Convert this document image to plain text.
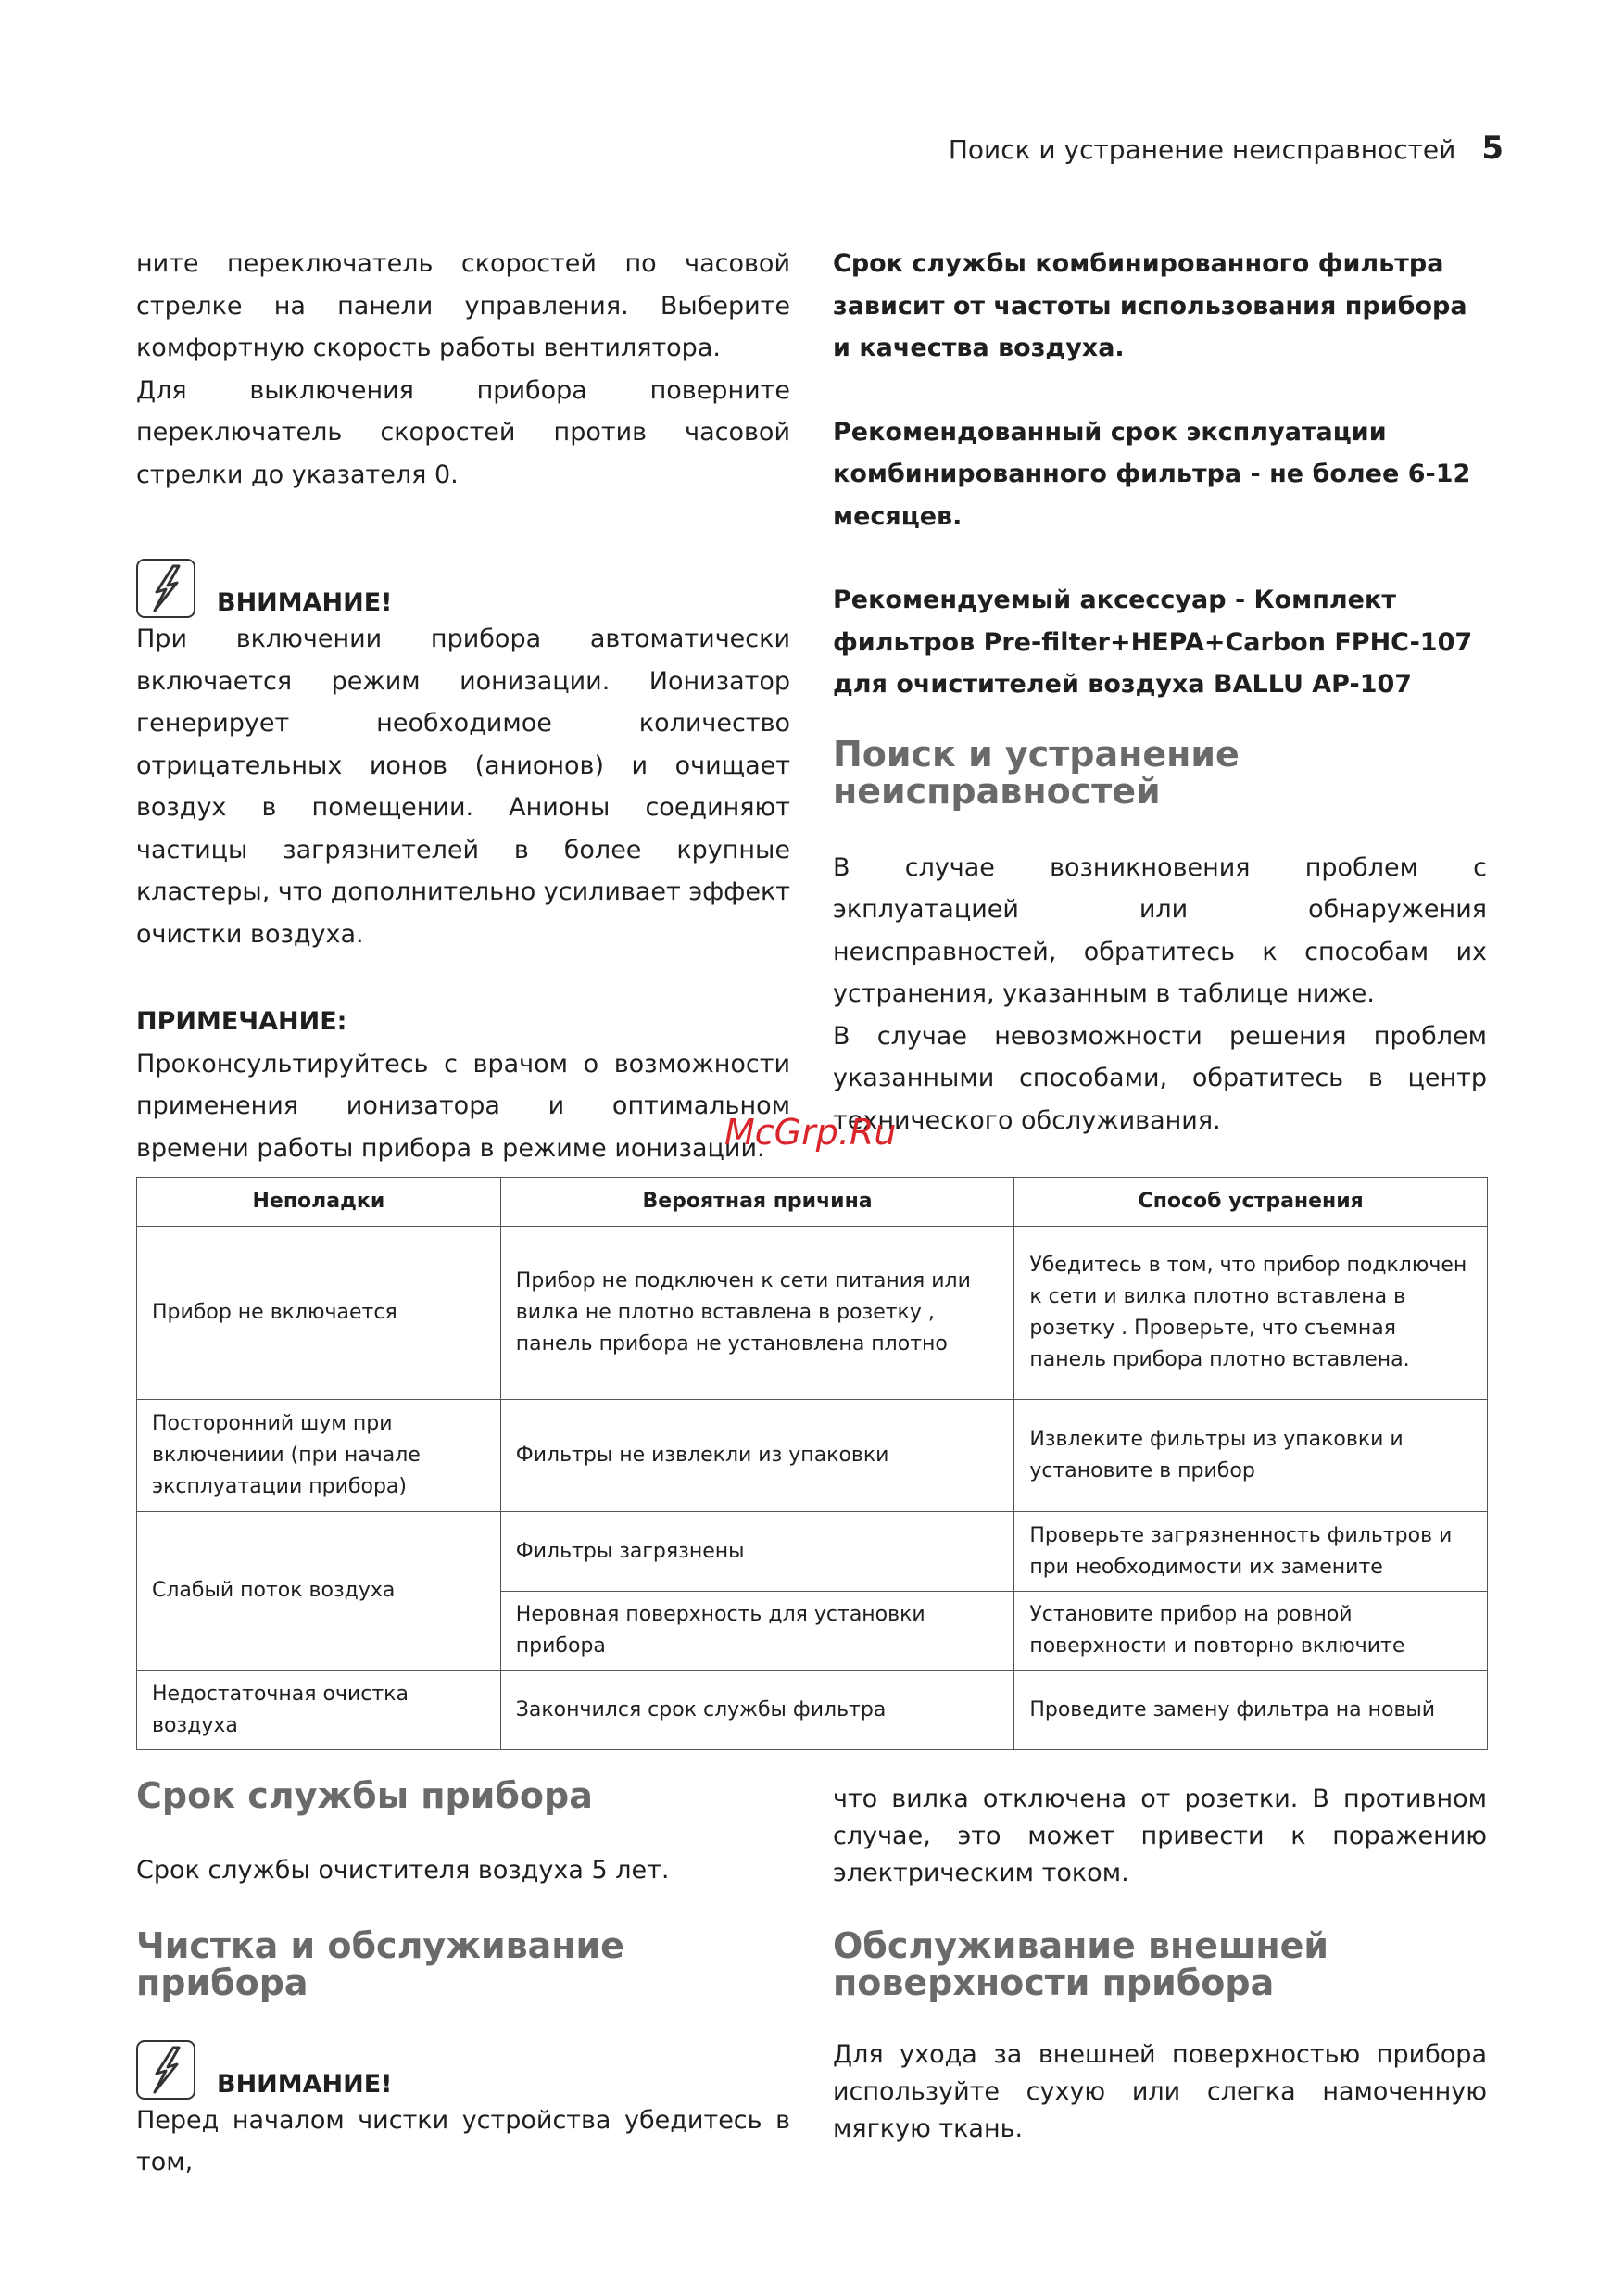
Поиск и устранение неисправностей 5

ните переключатель скоростей по часовой стрелке на панели управления. Выберите комфортную скорость работы вентилятора.

Для выключения прибора поверните переключатель скоростей против часовой стрелки до указателя 0.

ВНИМАНИЕ!

При включении прибора автоматически включается режим ионизации. Ионизатор генерирует необходимое количество отрицательных ионов (анионов) и очищает воздух в помещении. Анионы соединяют частицы загрязнителей в более крупные кластеры, что дополнительно усиливает эффект очистки воздуха.

ПРИМЕЧАНИЕ:

Проконсультируйтесь с врачом о возможности применения ионизатора и оптимальном времени работы прибора в режиме ионизации.

Срок службы комбинированного фильтра зависит от частоты использования прибора и качества воздуха.

Рекомендованный срок эксплуатации комбинированного фильтра - не более 6-12 месяцев.

Рекомендуемый аксессуар - Комплект фильтров Pre-filter+HEPA+Carbon FPHC-107 для очистителей воздуха BALLU AP-107

Поиск и устранение неисправностей

В случае возникновения проблем с экплуатацией или обнаружения неисправностей, обратитесь к способам их устранения, указанным в таблице ниже.

В случае невозможности решения проблем указанными способами, обратитесь в центр технического обслуживания.

McGrp.Ru
Неполадки	Вероятная причина	Способ устранения
Прибор не включается	Прибор не подключен к сети питания или вилка не плотно вставлена в розетку , панель прибора не установлена плотно	Убедитесь в том, что прибор подключен к сети и вилка плотно вставлена в розетку . Проверьте, что съемная панель прибора плотно вставлена.
Посторонний шум при включениии (при начале эксплуатации прибора)	Фильтры не извлекли из упаковки	Извлеките фильтры из упаковки и установите в прибор
Слабый поток воздуха	Фильтры загрязнены	Проверьте загрязненность фильтров и при необходимости их замените
	Неровная поверхность для установки прибора	Установите прибор на ровной поверхности и повторно включите
Недостаточная очистка воздуха	Закончился срок службы фильтра	Проведите замену фильтра на новый
Срок службы прибора

Срок службы очистителя воздуха 5 лет.

Чистка и обслуживание прибора
ВНИМАНИЕ!

Перед началом чистки устройства убедитесь в том,

что вилка отключена от розетки. В противном случае, это может привести к поражению электрическим током.

Обслуживание внешней поверхности прибора

Для ухода за внешней поверхностью прибора используйте сухую или слегка намоченную мягкую ткань.
